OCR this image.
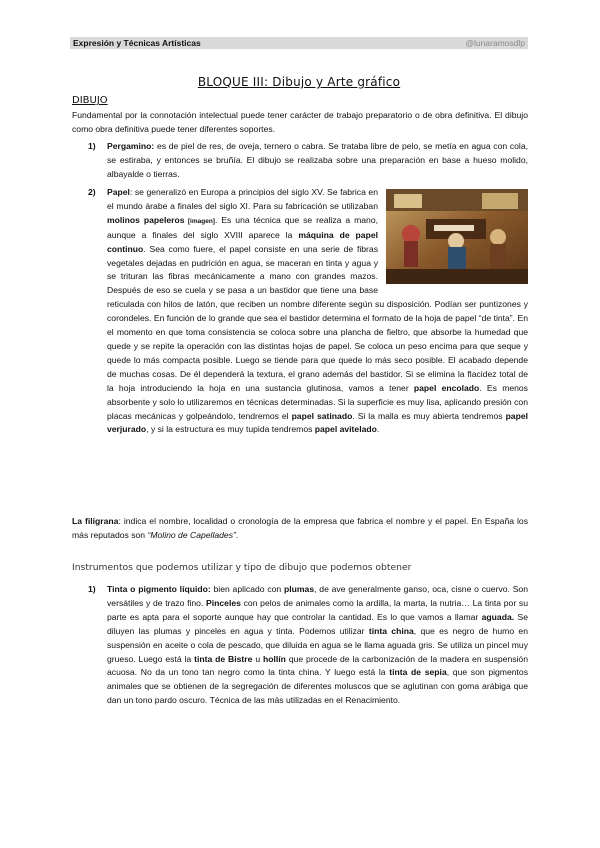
Expresión y Técnicas Artísticas	@lunaramosdlp
BLOQUE III: Dibujo y Arte gráfico
DIBUJO
Fundamental por la connotación intelectual puede tener carácter de trabajo preparatorio o de obra definitiva. El dibujo como obra definitiva puede tener diferentes soportes.
1) Pergamino: es de piel de res, de oveja, ternero o cabra. Se trataba libre de pelo, se metía en agua con cola, se estiraba, y entonces se bruñía. El dibujo se realizaba sobre una preparación en base a hueso molido, albayalde o tierras.
2) Papel: se generalizó en Europa a principios del siglo XV. Se fabrica en el mundo árabe a finales del siglo XI. Para su fabricación se utilizaban molinos papeleros [imagen]. Es una técnica que se realiza a mano, aunque a finales del siglo XVIII aparece la máquina de papel continuo. Sea como fuere, el papel consiste en una serie de fibras vegetales dejadas en pudrición en agua, se maceran en tinta y agua y se trituran las fibras mecánicamente a mano con grandes mazos. Después de eso se cuela y se pasa a un bastidor que tiene una base reticulada con hilos de latón, que reciben un nombre diferente según su disposición. Podían ser puntizones y corondeles. En función de lo grande que sea el bastidor determina el formato de la hoja de papel “de tinta”. En el momento en que toma consistencia se coloca sobre una plancha de fieltro, que absorbe la humedad que quede y se repite la operación con las distintas hojas de papel. Se coloca un peso encima para que seque y quede lo más compacta posible. Luego se tiende para que quede lo más seco posible. El acabado depende de muchas cosas. De él dependerá la textura, el grano además del bastidor. Si se elimina la flacidez total de la hoja introduciendo la hoja en una sustancia glutinosa, vamos a tener papel encolado. Es menos absorbente y solo lo utilizaremos en técnicas determinadas. Si la superficie es muy lisa, aplicando presión con placas mecánicas y golpeándolo, tendremos el papel satinado. Si la malla es muy abierta tendremos papel verjurado, y si la estructura es muy tupida tendremos papel avitelado.
La filigrana: indica el nombre, localidad o cronología de la empresa que fabrica el nombre y el papel. En España los más reputados son “Molino de Capellades”.
Instrumentos que podemos utilizar y tipo de dibujo que podemos obtener
1) Tinta o pigmento líquido: bien aplicado con plumas, de ave generalmente ganso, oca, cisne o cuervo. Son versátiles y de trazo fino. Pinceles con pelos de animales como la ardilla, la marta, la nutria… La tinta por su parte es apta para el soporte aunque hay que controlar la cantidad. Es lo que vamos a llamar aguada. Se diluyen las plumas y pinceles en agua y tinta. Podemos utilizar tinta china, que es negro de humo en suspensión en aceite o cola de pescado, que diluida en agua se le llama aguada gris. Se utiliza un pincel muy grueso. Luego está la tinta de Bistre u hollín que procede de la carbonización de la madera en suspensión acuosa. No da un tono tan negro como la tinta china. Y luego está la tinta de sepia, que son pigmentos animales que se obtienen de la segregación de diferentes moluscos que se aglutinan con goma arábiga que dan un tono pardo oscuro. Técnica de las más utilizadas en el Renacimiento.
